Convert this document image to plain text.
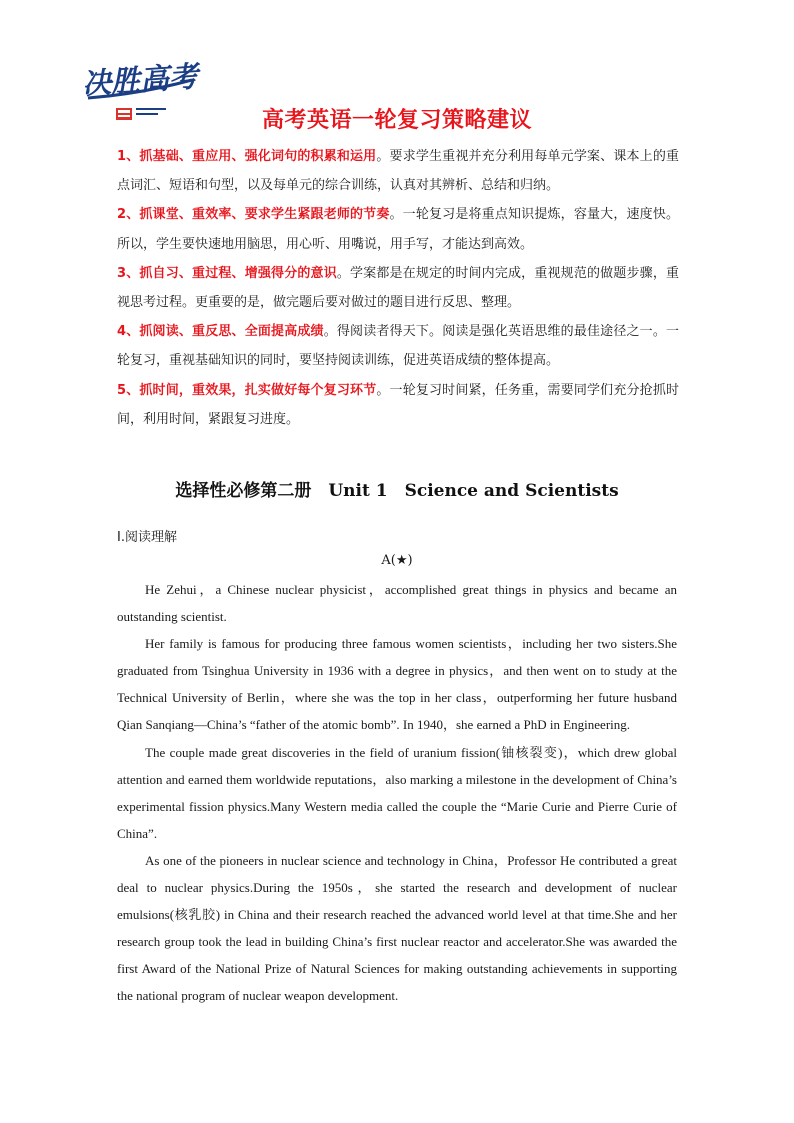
决胜高考
高考英语一轮复习策略建议

1、抓基础、重应用、强化词句的积累和运用。要求学生重视并充分利用每单元学案、课本上的重点词汇、短语和句型，以及每单元的综合训练，认真对其辨析、总结和归纳。

2、抓课堂、重效率、要求学生紧跟老师的节奏。一轮复习是将重点知识提炼，容量大，速度快。所以，学生要快速地用脑思，用心听、用嘴说，用手写，才能达到高效。

3、抓自习、重过程、增强得分的意识。学案都是在规定的时间内完成，重视规范的做题步骤，重视思考过程。更重要的是，做完题后要对做过的题目进行反思、整理。

4、抓阅读、重反思、全面提高成绩。得阅读者得天下。阅读是强化英语思维的最佳途径之一。一轮复习，重视基础知识的同时，要坚持阅读训练，促进英语成绩的整体提高。

5、抓时间，重效果，扎实做好每个复习环节。一轮复习时间紧，任务重，需要同学们充分抢抓时间，利用时间，紧跟复习进度。

选择性必修第二册　Unit 1　Science and Scientists
Ⅰ.阅读理解
A(★)

He Zehui，a Chinese nuclear physicist，accomplished great things in physics and became an outstanding scientist.

Her family is famous for producing three famous women scientists，including her two sisters.She graduated from Tsinghua University in 1936 with a degree in physics，and then went on to study at the Technical University of Berlin，where she was the top in her class，outperforming her future husband Qian Sanqiang—China’s “father of the atomic bomb”. In 1940，she earned a PhD in Engineering.

The couple made great discoveries in the field of uranium fission(铀核裂变)，which drew global attention and earned them worldwide reputations，also marking a milestone in the development of China’s experimental fission physics.Many Western media called the couple the “Marie Curie and Pierre Curie of China”.

As one of the pioneers in nuclear science and technology in China，Professor He contributed a great deal to nuclear physics.During the 1950s，she started the research and development of nuclear emulsions(核乳胶) in China and their research reached the advanced world level at that time.She and her research group took the lead in building China’s first nuclear reactor and accelerator.She was awarded the first Award of the National Prize of Natural Sciences for making outstanding achievements in supporting the national program of nuclear weapon development.
